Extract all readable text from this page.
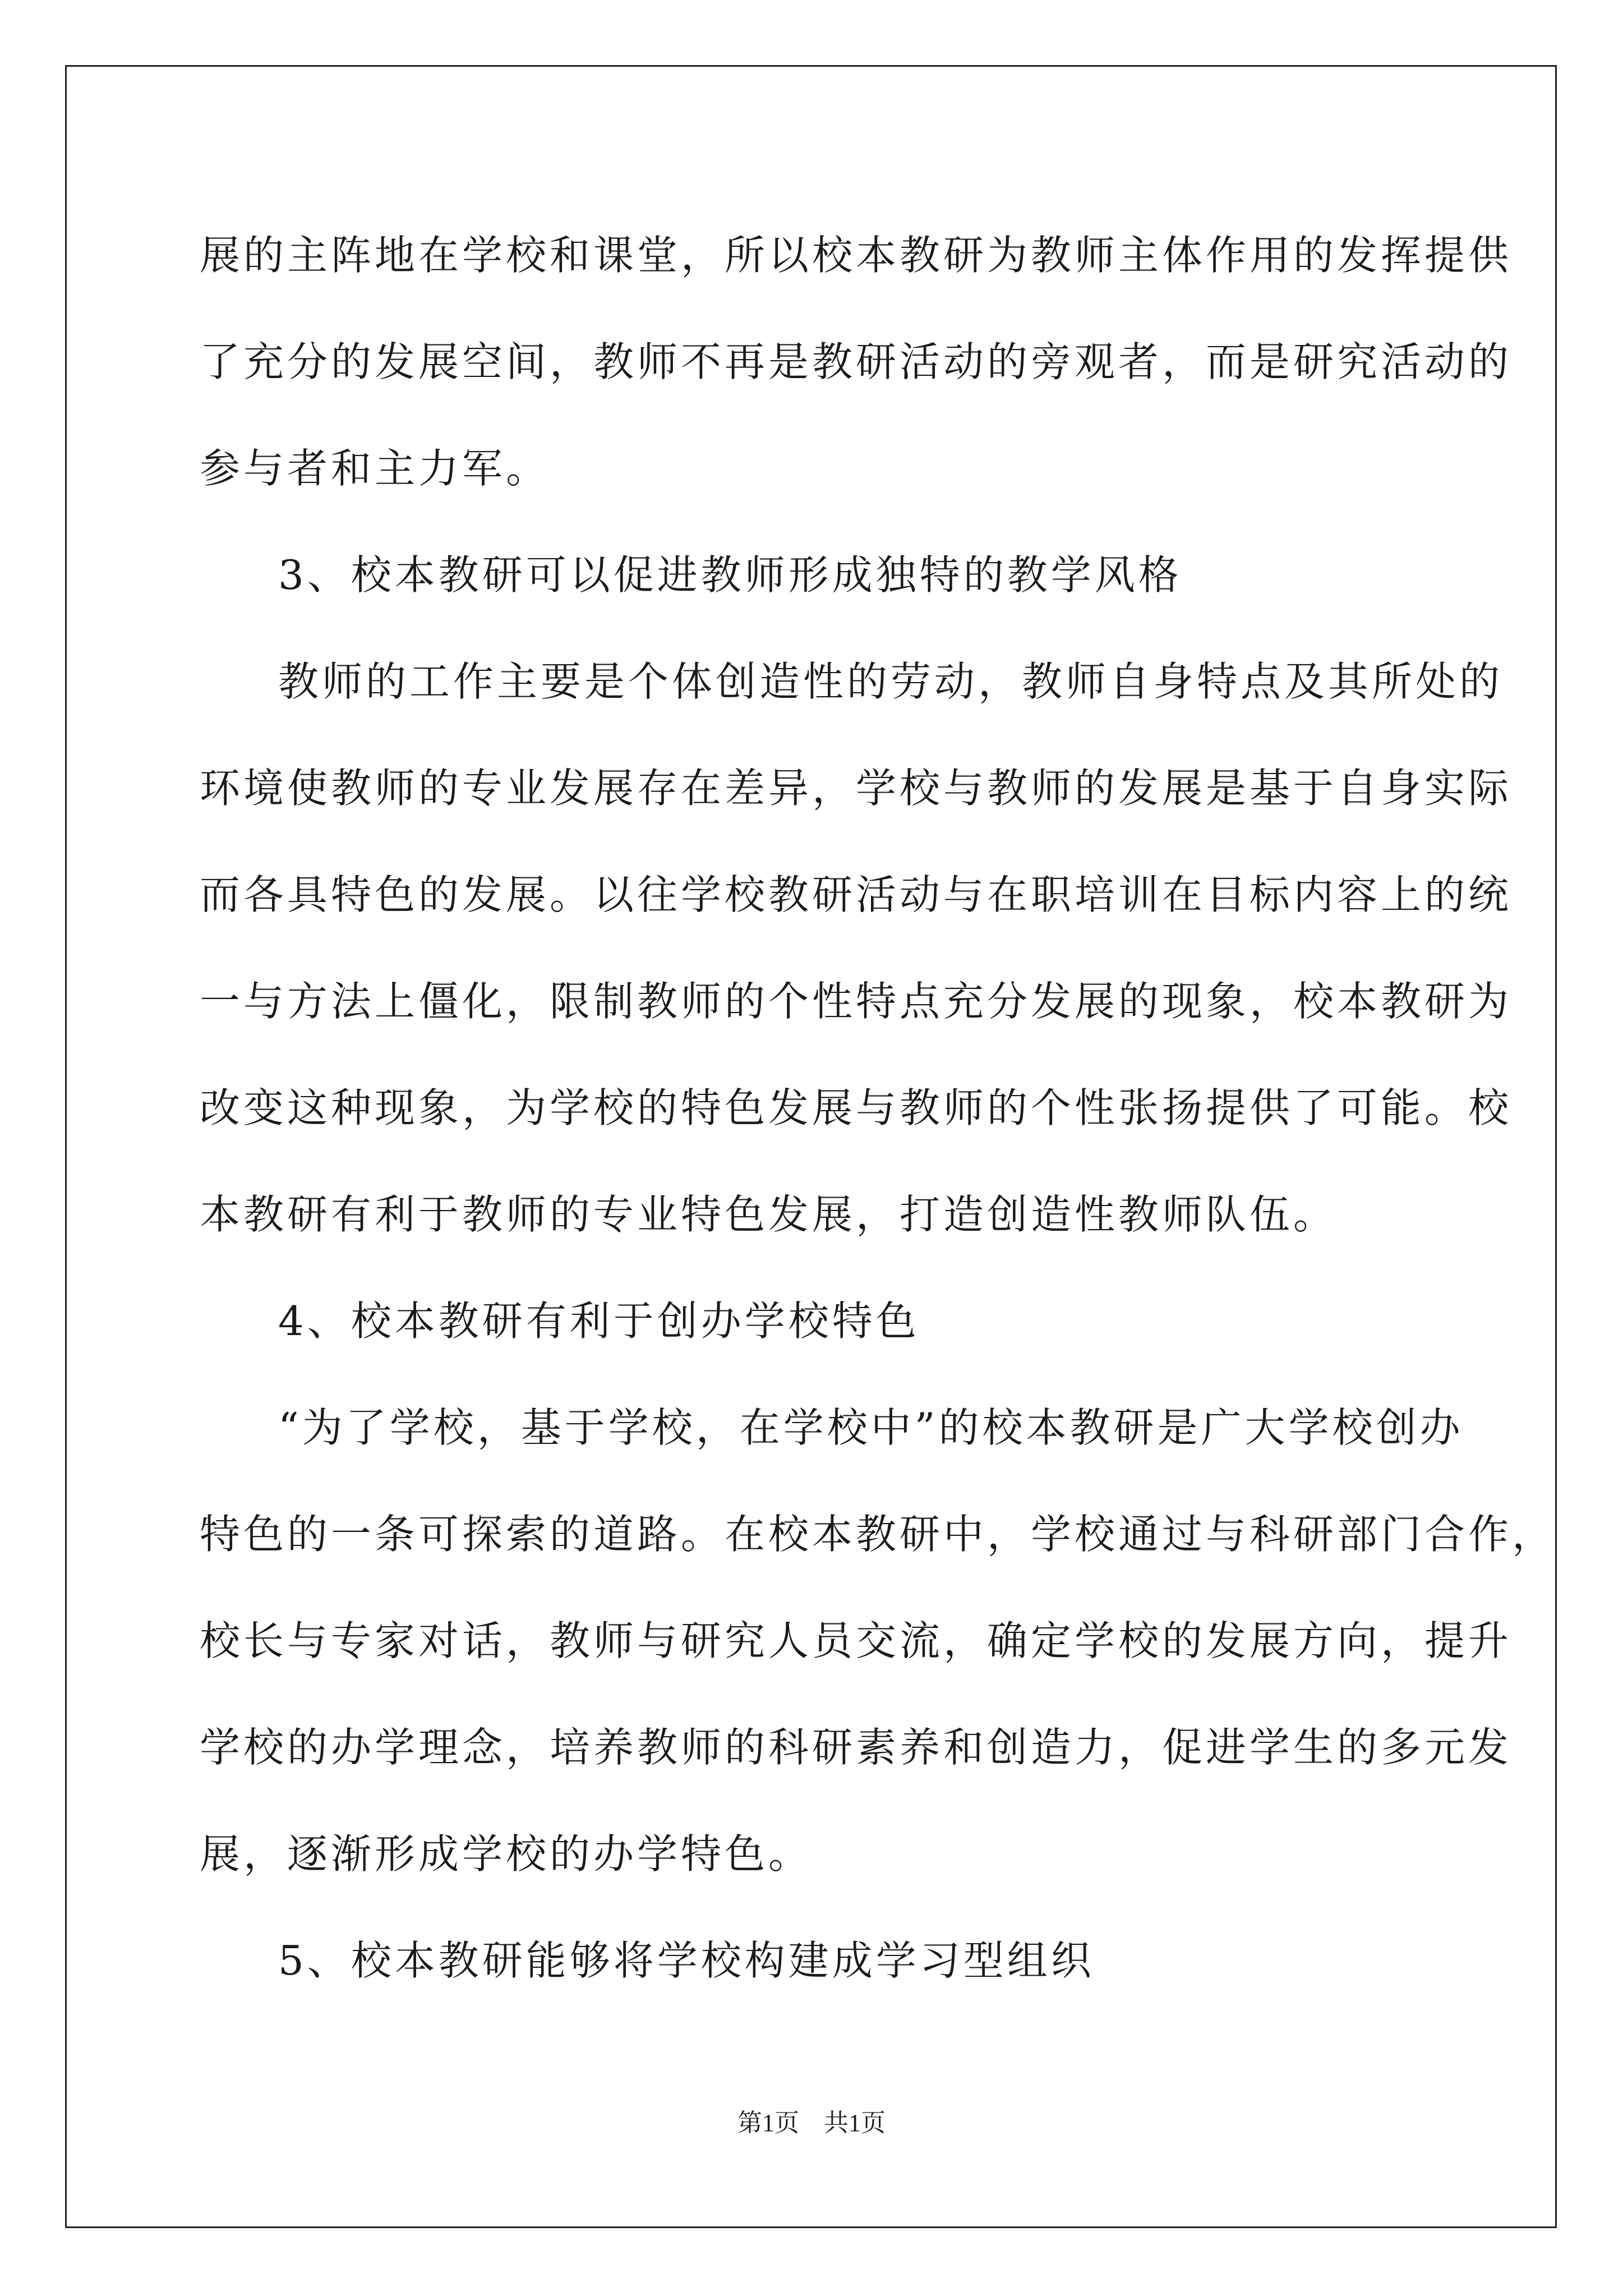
展的主阵地在学校和课堂，所以校本教研为教师主体作用的发挥提供
了充分的发展空间，教师不再是教研活动的旁观者，而是研究活动的
参与者和主力军。
3、校本教研可以促进教师形成独特的教学风格
教师的工作主要是个体创造性的劳动，教师自身特点及其所处的
环境使教师的专业发展存在差异，学校与教师的发展是基于自身实际
而各具特色的发展。以往学校教研活动与在职培训在目标内容上的统
一与方法上僵化，限制教师的个性特点充分发展的现象，校本教研为
改变这种现象，为学校的特色发展与教师的个性张扬提供了可能。校
本教研有利于教师的专业特色发展，打造创造性教师队伍。
4、校本教研有利于创办学校特色
“为了学校，基于学校，在学校中”的校本教研是广大学校创办
特色的一条可探索的道路。在校本教研中，学校通过与科研部门合作，
校长与专家对话，教师与研究人员交流，确定学校的发展方向，提升
学校的办学理念，培养教师的科研素养和创造力，促进学生的多元发
展，逐渐形成学校的办学特色。
5、校本教研能够将学校构建成学习型组织
第1页 共1页
